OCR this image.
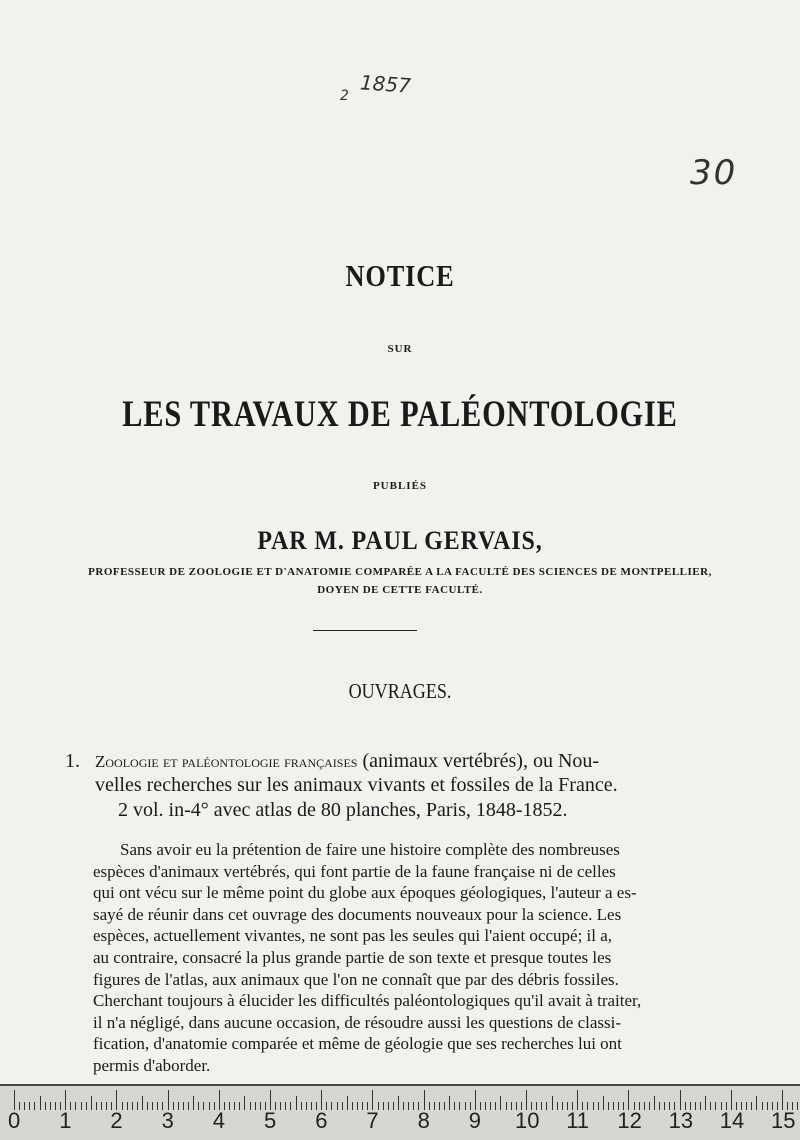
1857
2
30
NOTICE
SUR
LES TRAVAUX DE PALÉONTOLOGIE
PUBLIÉS
PAR M. PAUL GERVAIS,
PROFESSEUR DE ZOOLOGIE ET D'ANATOMIE COMPARÉE A LA FACULTÉ DES SCIENCES DE MONTPELLIER,
DOYEN DE CETTE FACULTÉ.
OUVRAGES.
1. Zoologie et paléontologie françaises (animaux vertébrés), ou Nou-
velles recherches sur les animaux vivants et fossiles de la France.
2 vol. in-4° avec atlas de 80 planches, Paris, 1848-1852.
Sans avoir eu la prétention de faire une histoire complète des nombreuses
espèces d'animaux vertébrés, qui font partie de la faune française ni de celles
qui ont vécu sur le même point du globe aux époques géologiques, l'auteur a es-
sayé de réunir dans cet ouvrage des documents nouveaux pour la science. Les
espèces, actuellement vivantes, ne sont pas les seules qui l'aient occupé; il a,
au contraire, consacré la plus grande partie de son texte et presque toutes les
figures de l'atlas, aux animaux que l'on ne connaît que par des débris fossiles.
Cherchant toujours à élucider les difficultés paléontologiques qu'il avait à traiter,
il n'a négligé, dans aucune occasion, de résoudre aussi les questions de classi-
fication, d'anatomie comparée et même de géologie que ses recherches lui ont
permis d'aborder.
0 1 2 3 4 5 6 7 8 9 10 11 12 13 14 15
